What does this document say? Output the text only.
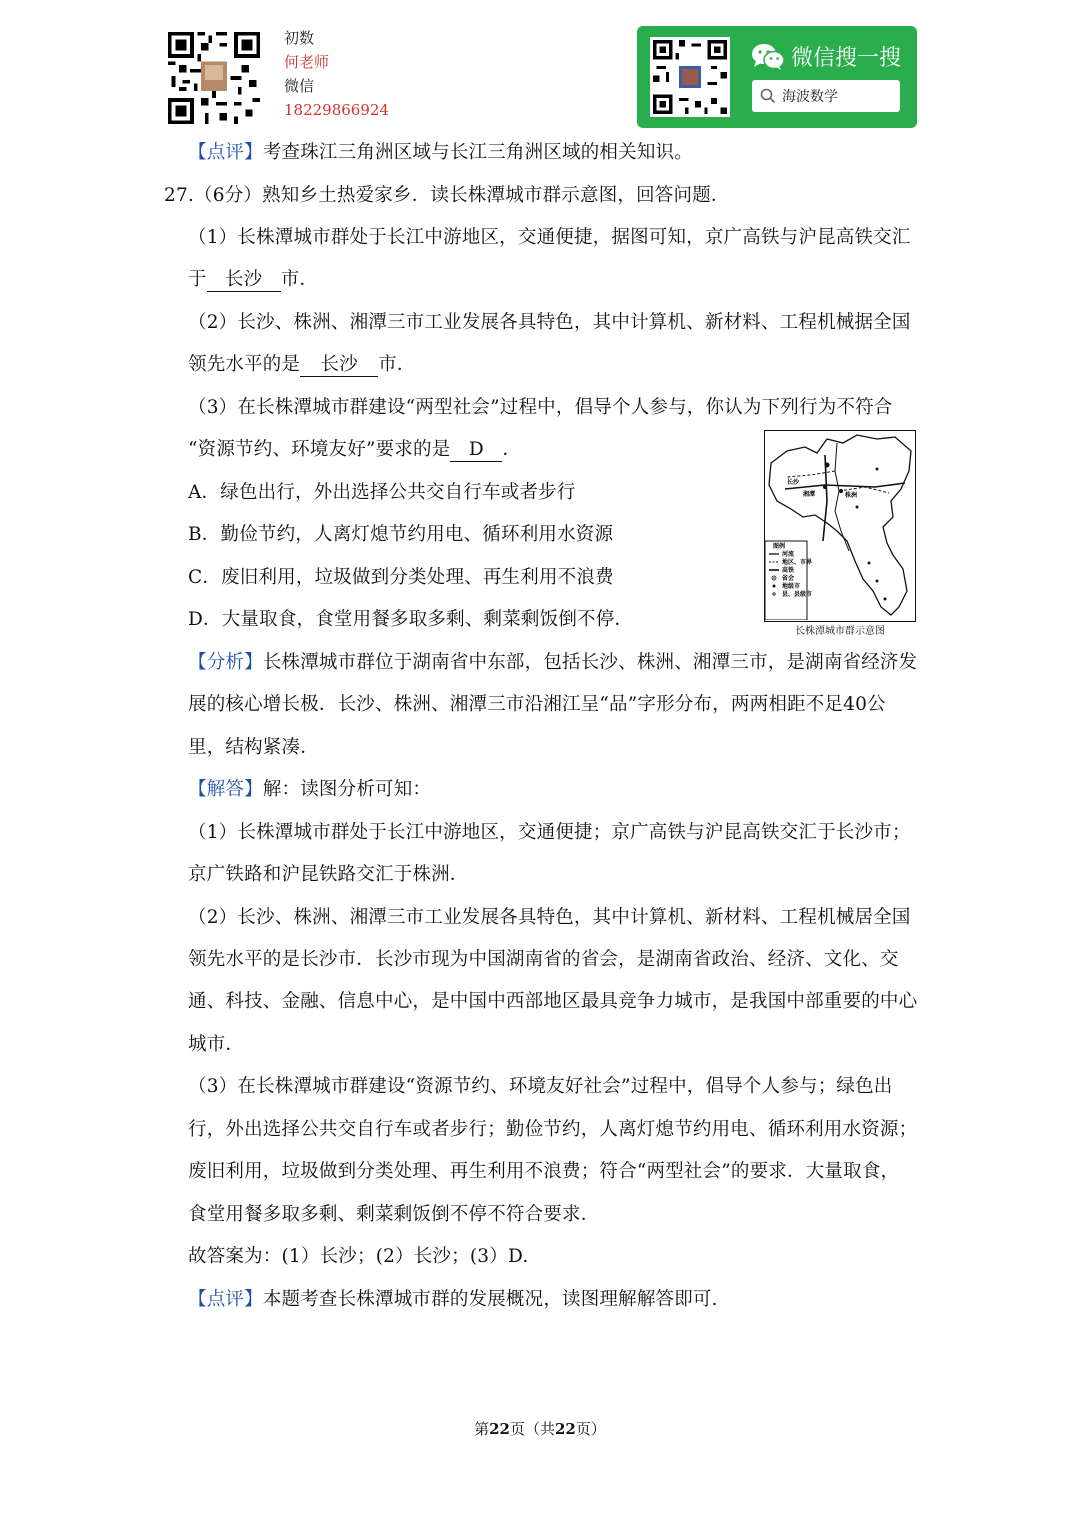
初数
何老师
微信
18229866924
微信搜一搜
海波数学
【点评】考查珠江三角洲区域与长江三角洲区域的相关知识。
27.（6分）熟知乡土热爱家乡．读长株潭城市群示意图，回答问题．
（1）长株潭城市群处于长江中游地区，交通便捷，据图可知，京广高铁与沪昆高铁交汇
于 长沙 市．
（2）长沙、株洲、湘潭三市工业发展各具特色，其中计算机、新材料、工程机械据全国
领先水平的是 长沙 市．
（3）在长株潭城市群建设“两型社会”过程中，倡导个人参与，你认为下列行为不符合
“资源节约、环境友好”要求的是 D ．
A．绿色出行，外出选择公共交自行车或者步行
B．勤俭节约，人离灯熄节约用电、循环利用水资源
C．废旧利用，垃圾做到分类处理、再生利用不浪费
D．大量取食，食堂用餐多取多剩、剩菜剩饭倒不停．
【分析】长株潭城市群位于湖南省中东部，包括长沙、株洲、湘潭三市，是湖南省经济发
展的核心增长极．长沙、株洲、湘潭三市沿湘江呈“品”字形分布，两两相距不足40公
里，结构紧凑．
【解答】解：读图分析可知：
（1）长株潭城市群处于长江中游地区，交通便捷；京广高铁与沪昆高铁交汇于长沙市；
京广铁路和沪昆铁路交汇于株洲．
（2）长沙、株洲、湘潭三市工业发展各具特色，其中计算机、新材料、工程机械居全国
领先水平的是长沙市．长沙市现为中国湖南省的省会，是湖南省政治、经济、文化、交
通、科技、金融、信息中心，是中国中西部地区最具竞争力城市，是我国中部重要的中心
城市．
（3）在长株潭城市群建设“资源节约、环境友好社会”过程中，倡导个人参与；绿色出
行，外出选择公共交自行车或者步行；勤俭节约，人离灯熄节约用电、循环利用水资源；
废旧利用，垃圾做到分类处理、再生利用不浪费；符合“两型社会”的要求．大量取食，
食堂用餐多取多剩、剩菜剩饭倒不停不符合要求．
故答案为：(1）长沙；(2）长沙；(3）D.
【点评】本题考查长株潭城市群的发展概况，读图理解解答即可.
长沙
湘潭	株洲
图例
河流
地区、市界
高铁
省会
地级市
县、县级市
长株潭城市群示意图
第22页（共22页）
